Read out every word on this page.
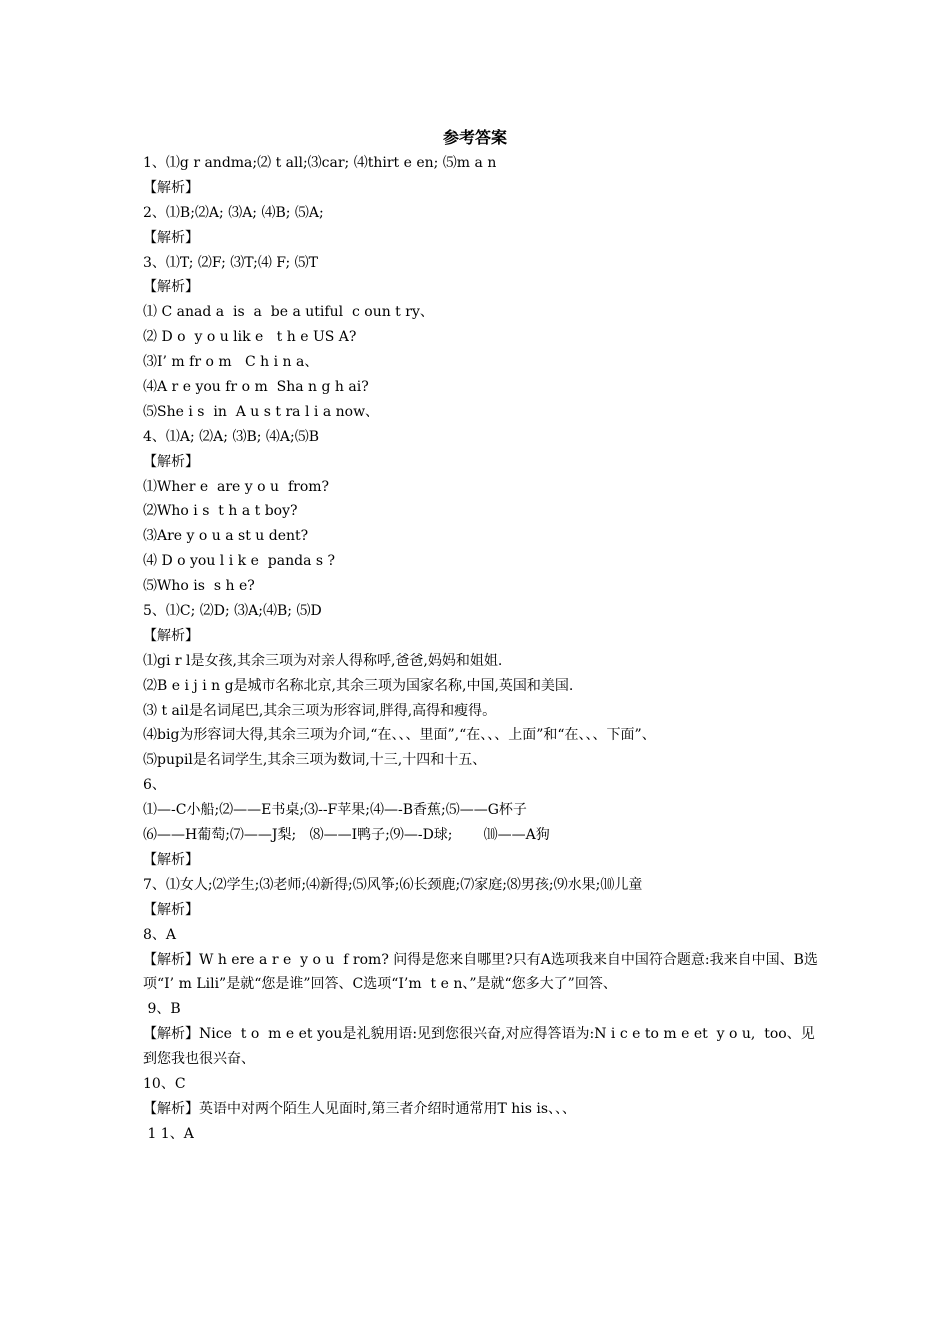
参考答案
1、⑴g r andma;⑵ t all;⑶car; ⑷thirt e en; ⑸m a n
【解析】
2、⑴B;⑵A; ⑶A; ⑷B; ⑸A;
【解析】
3、⑴T; ⑵F; ⑶T;⑷ F; ⑸T
【解析】
⑴ C anad a  is  a  be a utiful  c oun t ry、
⑵ D o  y o u lik e   t h e US A?
⑶I’ m fr o m   C h i n a、
⑷A r e you fr o m  Sha n g h ai?
⑸She i s  in  A u s t ra l i a now、
4、⑴A; ⑵A; ⑶B; ⑷A;⑸B
【解析】
⑴Wher e  are y o u  from?
⑵Who i s  t h a t boy?
⑶Are y o u a st u dent?
⑷ D o you l i k e  panda s ?
⑸Who is  s h e?
5、⑴C; ⑵D; ⑶A;⑷B; ⑸D
【解析】
⑴gi r l是女孩,其余三项为对亲人得称呼,爸爸,妈妈和姐姐.
⑵B e i j i n g是城市名称北京,其余三项为国家名称,中国,英国和美国.
⑶ t ail是名词尾巴,其余三项为形容词,胖得,高得和瘦得。
⑷big为形容词大得,其余三项为介词,“在、、、里面”,“在、、、上面”和“在、、、下面”、
⑸pupil是名词学生,其余三项为数词,十三,十四和十五、
6、
⑴—-C小船;⑵——E书桌;⑶--F苹果;⑷—-B香蕉;⑸——G杯子
⑹——H葡萄;⑺——J梨;   ⑻——I鸭子;⑼—-D球;       ⑽——A狗
【解析】
7、⑴女人;⑵学生;⑶老师;⑷新得;⑸风筝;⑹长颈鹿;⑺家庭;⑻男孩;⑼水果;⑽儿童
【解析】
8、A
【解析】W h ere a r e  y o u  f rom? 问得是您来自哪里?只有A选项我来自中国符合题意:我来自中国、B选项“I’ m Lili”是就“您是谁”回答、C选项“I’m  t e n、”是就“您多大了”回答、
9、B
【解析】Nice  t o  m e et you是礼貌用语:见到您很兴奋,对应得答语为:N i c e to m e et  y o u,  too、见到您我也很兴奋、
10、C
【解析】英语中对两个陌生人见面时,第三者介绍时通常用T his is、、、
1 1、A
